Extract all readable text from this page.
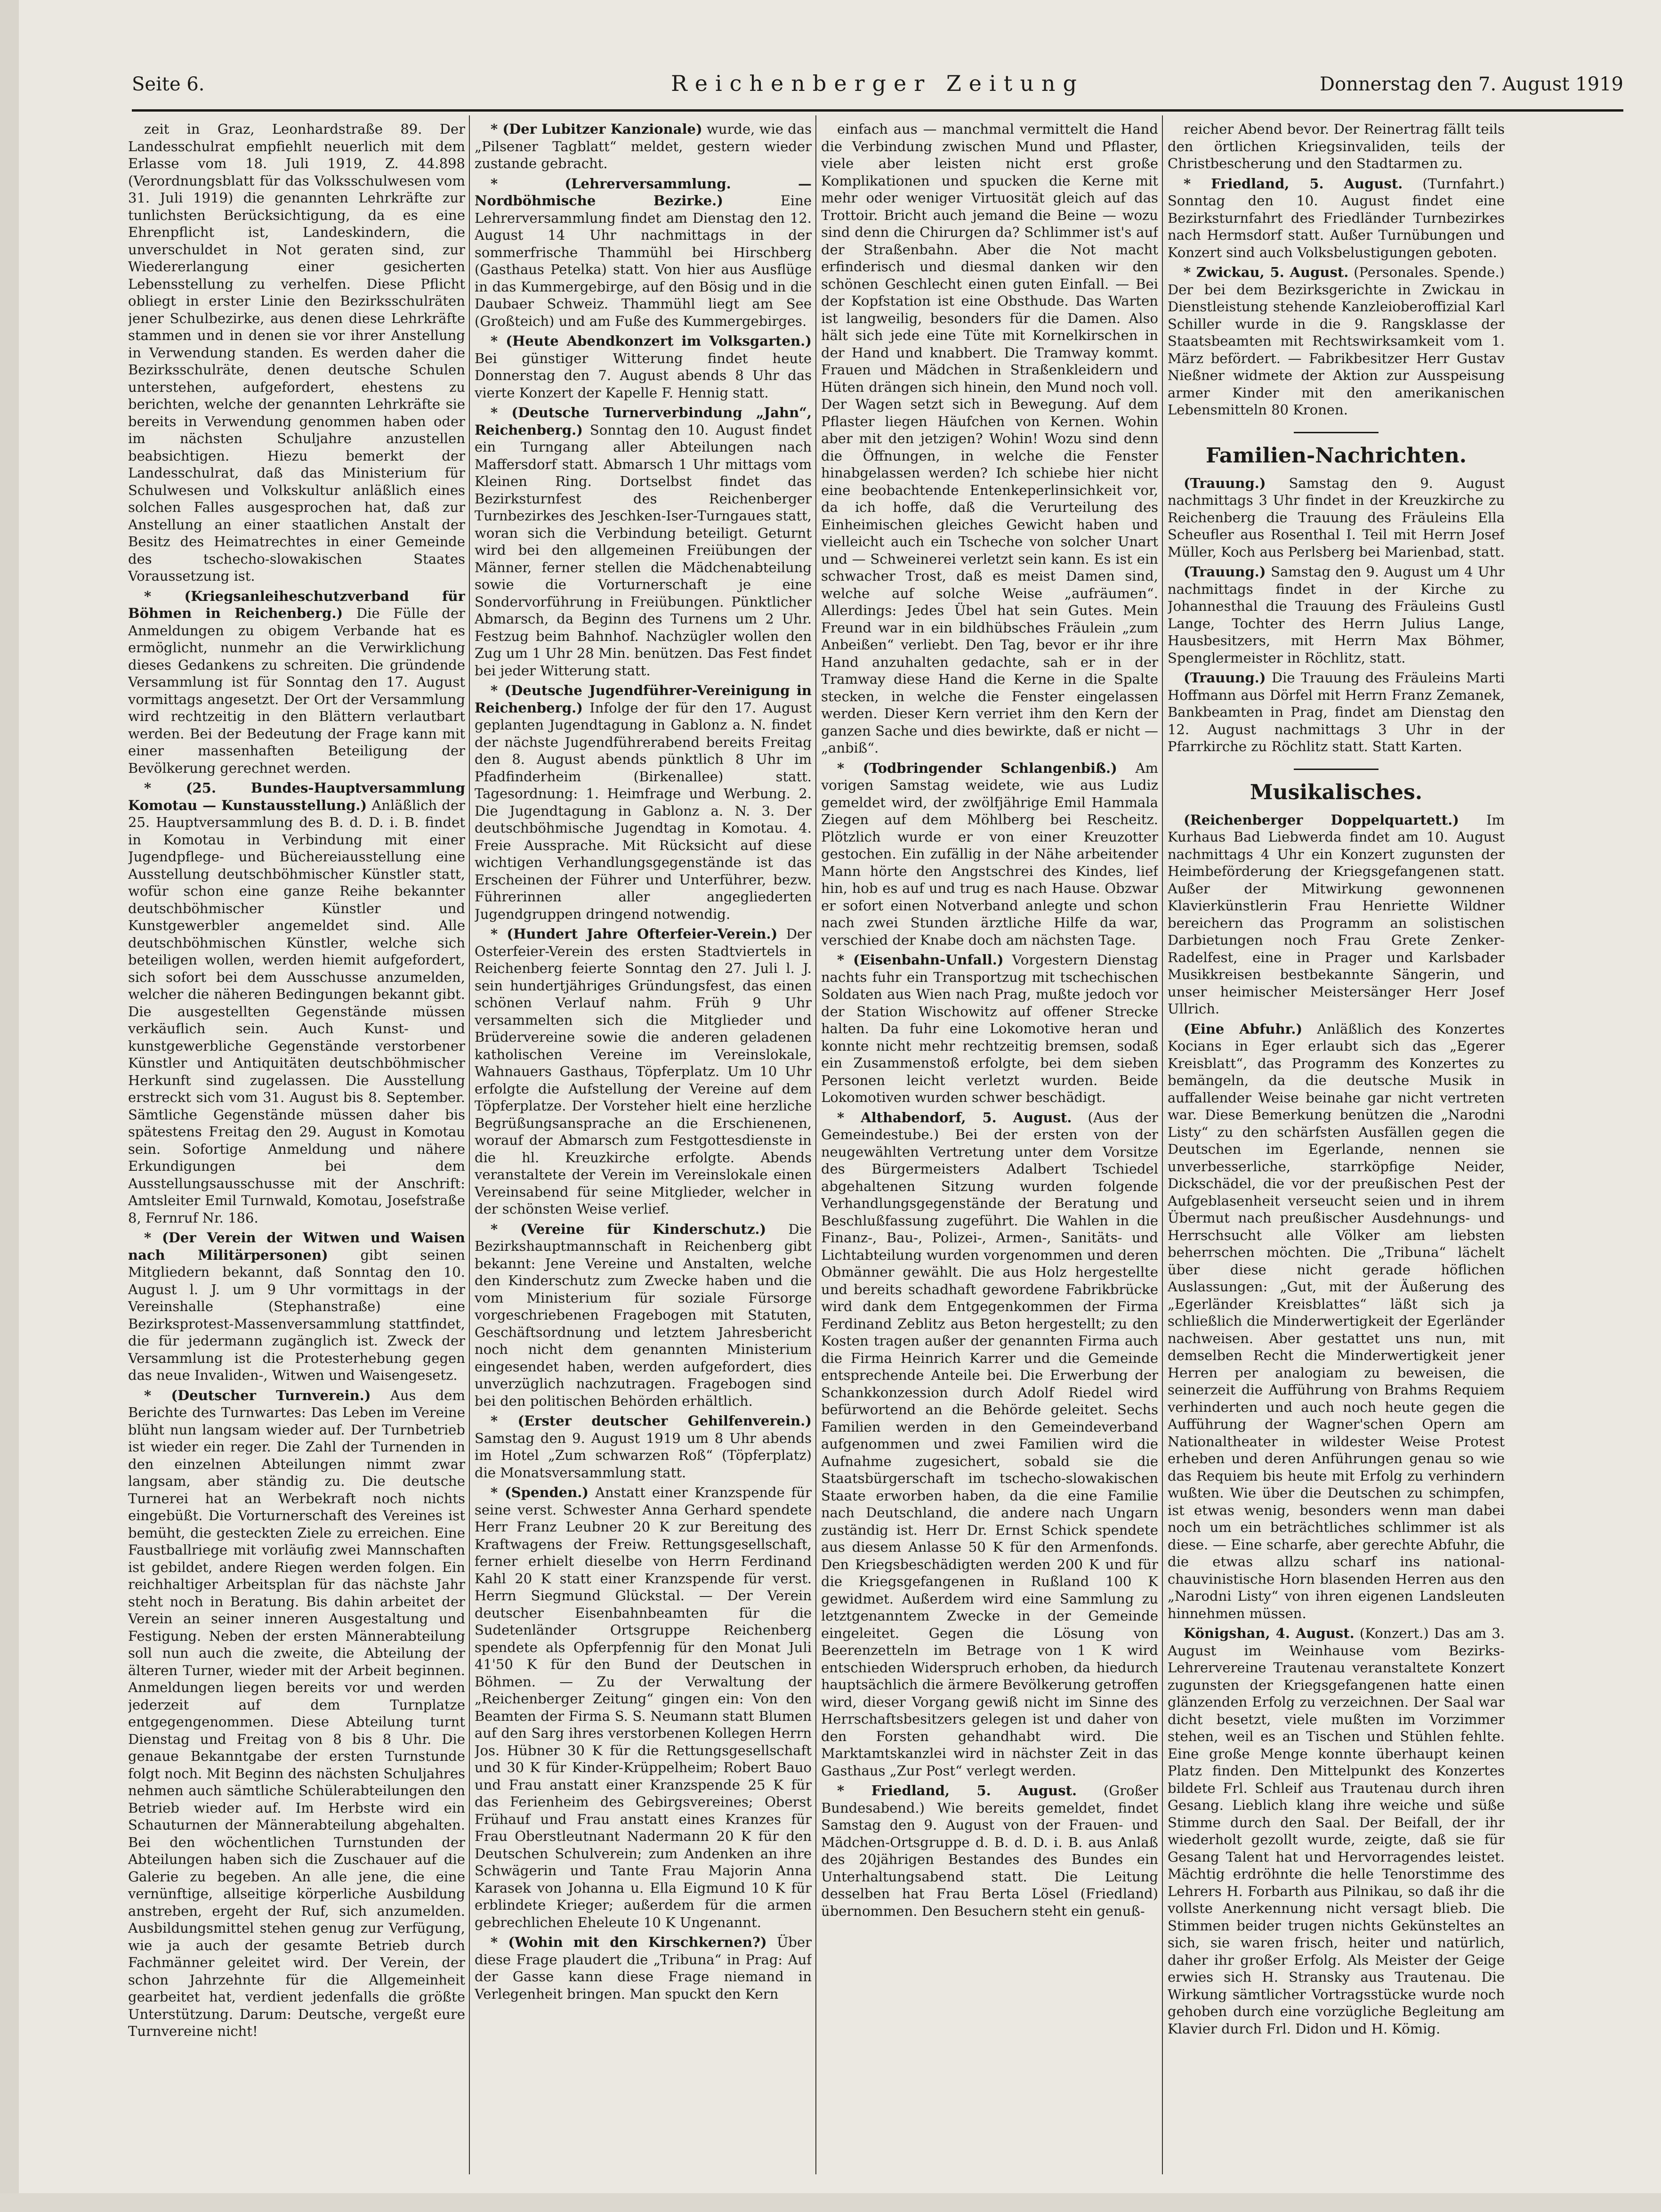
Seite 6.	Reichenberger Zeitung	Donnerstag den 7. August 1919

zeit in Graz, Leonhardstraße 89. Der Landesschulrat empfiehlt neuerlich mit dem Erlasse vom 18. Juli 1919, Z. 44.898 (Verordnungsblatt für das Volksschulwesen vom 31. Juli 1919) die genannten Lehrkräfte zur tunlichsten Berücksichtigung, da es eine Ehrenpflicht ist, Landeskindern, die unverschuldet in Not geraten sind, zur Wiedererlangung einer gesicherten Lebensstellung zu verhelfen. Diese Pflicht obliegt in erster Linie den Bezirksschulräten jener Schulbezirke, aus denen diese Lehrkräfte stammen und in denen sie vor ihrer Anstellung in Verwendung standen. Es werden daher die Bezirksschulräte, denen deutsche Schulen unterstehen, aufgefordert, ehestens zu berichten, welche der genannten Lehrkräfte sie bereits in Verwendung genommen haben oder im nächsten Schuljahre anzustellen beabsichtigen. Hiezu bemerkt der Landesschulrat, daß das Ministerium für Schulwesen und Volkskultur anläßlich eines solchen Falles ausgesprochen hat, daß zur Anstellung an einer staatlichen Anstalt der Besitz des Heimatrechtes in einer Gemeinde des tschecho-slowakischen Staates Voraussetzung ist.

* (Kriegsanleiheschutzverband für Böhmen in Reichenberg.) Die Fülle der Anmeldungen zu obigem Verbande hat es ermöglicht, nunmehr an die Verwirklichung dieses Gedankens zu schreiten. Die gründende Versammlung ist für Sonntag den 17. August vormittags angesetzt. Der Ort der Versammlung wird rechtzeitig in den Blättern verlautbart werden. Bei der Bedeutung der Frage kann mit einer massenhaften Beteiligung der Bevölkerung gerechnet werden.

* (25. Bundes-Hauptversammlung Komotau — Kunstausstellung.) Anläßlich der 25. Hauptversammlung des B. d. D. i. B. findet in Komotau in Verbindung mit einer Jugendpflege- und Büchereiausstellung eine Ausstellung deutschböhmischer Künstler statt, wofür schon eine ganze Reihe bekannter deutschböhmischer Künstler und Kunstgewerbler angemeldet sind. Alle deutschböhmischen Künstler, welche sich beteiligen wollen, werden hiemit aufgefordert, sich sofort bei dem Ausschusse anzumelden, welcher die näheren Bedingungen bekannt gibt. Die ausgestellten Gegenstände müssen verkäuflich sein. Auch Kunst- und kunstgewerbliche Gegenstände verstorbener Künstler und Antiquitäten deutschböhmischer Herkunft sind zugelassen. Die Ausstellung erstreckt sich vom 31. August bis 8. September. Sämtliche Gegenstände müssen daher bis spätestens Freitag den 29. August in Komotau sein. Sofortige Anmeldung und nähere Erkundigungen bei dem Ausstellungsausschusse mit der Anschrift: Amtsleiter Emil Turnwald, Komotau, Josefstraße 8, Fernruf Nr. 186.

* (Der Verein der Witwen und Waisen nach Militärpersonen) gibt seinen Mitgliedern bekannt, daß Sonntag den 10. August l. J. um 9 Uhr vormittags in der Vereinshalle (Stephanstraße) eine Bezirksprotest-Massenversammlung stattfindet, die für jedermann zugänglich ist. Zweck der Versammlung ist die Protesterhebung gegen das neue Invaliden-, Witwen und Waisengesetz.

* (Deutscher Turnverein.) Aus dem Berichte des Turnwartes: Das Leben im Vereine blüht nun langsam wieder auf. Der Turnbetrieb ist wieder ein reger. Die Zahl der Turnenden in den einzelnen Abteilungen nimmt zwar langsam, aber ständig zu. Die deutsche Turnerei hat an Werbekraft noch nichts eingebüßt. Die Vorturnerschaft des Vereines ist bemüht, die gesteckten Ziele zu erreichen. Eine Faustballriege mit vorläufig zwei Mannschaften ist gebildet, andere Riegen werden folgen. Ein reichhaltiger Arbeitsplan für das nächste Jahr steht noch in Beratung. Bis dahin arbeitet der Verein an seiner inneren Ausgestaltung und Festigung. Neben der ersten Männerabteilung soll nun auch die zweite, die Abteilung der älteren Turner, wieder mit der Arbeit beginnen. Anmeldungen liegen bereits vor und werden jederzeit auf dem Turnplatze entgegengenommen. Diese Abteilung turnt Dienstag und Freitag von 8 bis 8 Uhr. Die genaue Bekanntgabe der ersten Turnstunde folgt noch. Mit Beginn des nächsten Schuljahres nehmen auch sämtliche Schülerabteilungen den Betrieb wieder auf. Im Herbste wird ein Schauturnen der Männerabteilung abgehalten. Bei den wöchentlichen Turnstunden der Abteilungen haben sich die Zuschauer auf die Galerie zu begeben. An alle jene, die eine vernünftige, allseitige körperliche Ausbildung anstreben, ergeht der Ruf, sich anzumelden. Ausbildungsmittel stehen genug zur Verfügung, wie ja auch der gesamte Betrieb durch Fachmänner geleitet wird. Der Verein, der schon Jahrzehnte für die Allgemeinheit gearbeitet hat, verdient jedenfalls die größte Unterstützung. Darum: Deutsche, vergeßt eure Turnvereine nicht!

* (Der Lubitzer Kanzionale) wurde, wie das „Pilsener Tagblatt“ meldet, gestern wieder zustande gebracht.

* (Lehrerversammlung. — Nordböhmische Bezirke.)	Eine Lehrerversammlung findet am Dienstag den 12. August 14 Uhr nachmittags in der sommerfrische Thammühl bei Hirschberg (Gasthaus Petelka) statt. Von hier aus Ausflüge in das Kummergebirge, auf den Bösig und in die Daubaer Schweiz. Thammühl liegt am See (Großteich) und am Fuße des Kummergebirges.

* (Heute Abendkonzert im Volksgarten.) Bei günstiger Witterung findet heute Donnerstag den 7. August abends 8 Uhr das vierte Konzert der Kapelle F. Hennig statt.

* (Deutsche Turnerverbindung „Jahn“, Reichenberg.) Sonntag den 10. August findet ein Turngang aller Abteilungen nach Maffersdorf statt. Abmarsch 1 Uhr mittags vom Kleinen Ring. Dortselbst findet das Bezirksturnfest des Reichenberger Turnbezirkes des Jeschken-Iser-Turngaues statt, woran sich die Verbindung beteiligt. Geturnt wird bei den allgemeinen Freiübungen der Männer, ferner stellen die Mädchenabteilung sowie die Vorturnerschaft je eine Sondervorführung in Freiübungen. Pünktlicher Abmarsch, da Beginn des Turnens um 2 Uhr. Festzug beim Bahnhof. Nachzügler wollen den Zug um 1 Uhr 28 Min. benützen. Das Fest findet bei jeder Witterung statt.

* (Deutsche Jugendführer-Vereinigung in Reichenberg.) Infolge der für den 17. August geplanten Jugendtagung in Gablonz a. N. findet der nächste Jugendführerabend bereits Freitag den 8. August abends pünktlich 8 Uhr im Pfadfinderheim (Birkenallee) statt. Tagesordnung: 1. Heimfrage und Werbung. 2. Die Jugendtagung in Gablonz a. N. 3. Der deutschböhmische Jugendtag in Komotau. 4. Freie Aussprache. Mit Rücksicht auf diese wichtigen Verhandlungsgegenstände ist das Erscheinen der Führer und Unterführer, bezw. Führerinnen aller angegliederten Jugendgruppen dringend notwendig.

* (Hundert Jahre Ofterfeier-Verein.) Der Osterfeier-Verein des ersten Stadtviertels in Reichenberg feierte Sonntag den 27. Juli l. J. sein hundertjähriges Gründungsfest, das einen schönen Verlauf nahm. Früh 9 Uhr versammelten sich die Mitglieder und Brüdervereine sowie die anderen geladenen katholischen Vereine im Vereinslokale, Wahnauers Gasthaus, Töpferplatz. Um 10 Uhr erfolgte die Aufstellung der Vereine auf dem Töpferplatze. Der Vorsteher hielt eine herzliche Begrüßungsansprache an die Erschienenen, worauf der Abmarsch zum Festgottesdienste in die hl. Kreuzkirche erfolgte. Abends veranstaltete der Verein im Vereinslokale einen Vereinsabend für seine Mitglieder, welcher in der schönsten Weise verlief.

* (Vereine für Kinderschutz.) Die Bezirkshauptmannschaft in Reichenberg gibt bekannt: Jene Vereine und Anstalten, welche den Kinderschutz zum Zwecke haben und die vom Ministerium für soziale Fürsorge vorgeschriebenen Fragebogen mit Statuten, Geschäftsordnung und letztem Jahresbericht noch nicht dem genannten Ministerium eingesendet haben, werden aufgefordert, dies unverzüglich nachzutragen. Fragebogen sind bei den politischen Behörden erhältlich.

* (Erster deutscher Gehilfenverein.) Samstag den 9. August 1919 um 8 Uhr abends im Hotel „Zum schwarzen Roß“ (Töpferplatz) die Monatsversammlung statt.

* (Spenden.) Anstatt einer Kranzspende für seine verst. Schwester Anna Gerhard spendete Herr Franz Leubner 20 K zur Bereitung des Kraftwagens der Freiw. Rettungsgesellschaft, ferner erhielt dieselbe von Herrn Ferdinand Kahl 20 K statt einer Kranzspende für verst. Herrn Siegmund Glückstal. — Der Verein deutscher Eisenbahnbeamten für die Sudetenländer Ortsgruppe Reichenberg spendete als Opferpfennig für den Monat Juli 41'50 K für den Bund der Deutschen in Böhmen. — Zu der Verwaltung der „Reichenberger Zeitung“ gingen ein: Von den Beamten der Firma S. S. Neumann statt Blumen auf den Sarg ihres verstorbenen Kollegen Herrn Jos. Hübner 30 K für die Rettungsgesellschaft und 30 K für Kinder-Krüppelheim; Robert Bauo und Frau anstatt einer Kranzspende 25 K für das Ferienheim des Gebirgsvereines; Oberst Frühauf und Frau anstatt eines Kranzes für Frau Oberstleutnant Nadermann 20 K für den Deutschen Schulverein; zum Andenken an ihre Schwägerin und Tante Frau Majorin Anna Karasek von Johanna u. Ella Eigmund 10 K für erblindete Krieger; außerdem für die armen gebrechlichen Eheleute 10 K Ungenannt.

* (Wohin mit den Kirschkernen?) Über diese Frage plaudert die „Tribuna“ in Prag: Auf der Gasse kann diese Frage niemand in Verlegenheit bringen. Man spuckt den Kern

einfach aus — manchmal vermittelt die Hand die Verbindung zwischen Mund und Pflaster, viele aber leisten nicht erst große Komplikationen und spucken die Kerne mit mehr oder weniger Virtuosität gleich auf das Trottoir. Bricht auch jemand die Beine — wozu sind denn die Chirurgen da? Schlimmer ist's auf der Straßenbahn. Aber die Not macht erfinderisch und diesmal danken wir den schönen Geschlecht einen guten Einfall. — Bei der Kopfstation ist eine Obsthude. Das Warten ist langweilig, besonders für die Damen. Also hält sich jede eine Tüte mit Kornelkirschen in der Hand und knabbert. Die Tramway kommt. Frauen und Mädchen in Straßenkleidern und Hüten drängen sich hinein, den Mund noch voll. Der Wagen setzt sich in Bewegung. Auf dem Pflaster liegen Häufchen von Kernen. Wohin aber mit den jetzigen? Wohin! Wozu sind denn die Öffnungen, in welche die Fenster hinabgelassen werden? Ich schiebe hier nicht eine beobachtende Entenkeperlinsichkeit vor, da ich hoffe, daß die Verurteilung des Einheimischen gleiches Gewicht haben und vielleicht auch ein Tscheche von solcher Unart und — Schweinerei verletzt sein kann. Es ist ein schwacher Trost, daß es meist Damen sind, welche auf solche Weise „aufräumen“. Allerdings: Jedes Übel hat sein Gutes. Mein Freund war in ein bildhübsches Fräulein „zum Anbeißen“ verliebt. Den Tag, bevor er ihr ihre Hand anzuhalten gedachte, sah er in der Tramway diese Hand die Kerne in die Spalte stecken, in welche die Fenster eingelassen werden. Dieser Kern verriet ihm den Kern der ganzen Sache und dies bewirkte, daß er nicht — „anbiß“.

* (Todbringender Schlangenbiß.) Am vorigen Samstag weidete, wie aus Ludiz gemeldet wird, der zwölfjährige Emil Hammala Ziegen auf dem Möhlberg bei Rescheitz. Plötzlich wurde er von einer Kreuzotter gestochen. Ein zufällig in der Nähe arbeitender Mann hörte den Angstschrei des Kindes, lief hin, hob es auf und trug es nach Hause. Obzwar er sofort einen Notverband anlegte und schon nach zwei Stunden ärztliche Hilfe da war, verschied der Knabe doch am nächsten Tage.

* (Eisenbahn-Unfall.) Vorgestern Dienstag nachts fuhr ein Transportzug mit tschechischen Soldaten aus Wien nach Prag, mußte jedoch vor der Station Wischowitz auf offener Strecke halten. Da fuhr eine Lokomotive heran und konnte nicht mehr rechtzeitig bremsen, sodaß ein Zusammenstoß erfolgte, bei dem sieben Personen leicht verletzt wurden. Beide Lokomotiven wurden schwer beschädigt.

* Althabendorf, 5. August. (Aus der Gemeindestube.) Bei der ersten von der neugewählten Vertretung unter dem Vorsitze des Bürgermeisters Adalbert Tschiedel abgehaltenen Sitzung wurden folgende Verhandlungsgegenstände der Beratung und Beschlußfassung zugeführt. Die Wahlen in die Finanz-, Bau-, Polizei-, Armen-, Sanitäts- und Lichtabteilung wurden vorgenommen und deren Obmänner gewählt. Die aus Holz hergestellte und bereits schadhaft gewordene Fabrikbrücke wird dank dem Entgegenkommen der Firma Ferdinand Zeblitz aus Beton hergestellt; zu den Kosten tragen außer der genannten Firma auch die Firma Heinrich Karrer und die Gemeinde entsprechende Anteile bei. Die Erwerbung der Schankkonzession durch Adolf Riedel wird befürwortend an die Behörde geleitet. Sechs Familien werden in den Gemeindeverband aufgenommen und zwei Familien wird die Aufnahme zugesichert, sobald sie die Staatsbürgerschaft im tschecho-slowakischen Staate erworben haben, da die eine Familie nach Deutschland, die andere nach Ungarn zuständig ist. Herr Dr. Ernst Schick spendete aus diesem Anlasse 50 K für den Armenfonds. Den Kriegsbeschädigten werden 200 K und für die Kriegsgefangenen in Rußland 100 K gewidmet. Außerdem wird eine Sammlung zu letztgenanntem Zwecke in der Gemeinde eingeleitet. Gegen die Lösung von Beerenzetteln im Betrage von 1 K wird entschieden Widerspruch erhoben, da hiedurch hauptsächlich die ärmere Bevölkerung getroffen wird, dieser Vorgang gewiß nicht im Sinne des Herrschaftsbesitzers gelegen ist und daher von den Forsten gehandhabt wird. Die Marktamtskanzlei wird in nächster Zeit in das Gasthaus „Zur Post“ verlegt werden.

* Friedland, 5. August. (Großer Bundesabend.) Wie bereits gemeldet, findet Samstag den 9. August von der Frauen- und Mädchen-Ortsgruppe d. B. d. D. i. B. aus Anlaß des 20jährigen Bestandes des Bundes ein Unterhaltungsabend statt. Die Leitung desselben hat Frau Berta Lösel (Friedland) übernommen. Den Besuchern steht ein genuß-

reicher Abend bevor. Der Reinertrag fällt teils den örtlichen Kriegsinvaliden, teils der Christbescherung und den Stadtarmen zu.

* Friedland, 5. August. (Turnfahrt.) Sonntag den 10. August findet eine Bezirksturnfahrt des Friedländer Turnbezirkes nach Hermsdorf statt. Außer Turnübungen und Konzert sind auch Volksbelustigungen geboten.

* Zwickau, 5. August. (Personales. Spende.) Der bei dem Bezirksgerichte in Zwickau in Dienstleistung stehende Kanzleioberoffizial Karl Schiller wurde in die 9. Rangsklasse der Staatsbeamten mit Rechtswirksamkeit vom 1. März befördert. — Fabrikbesitzer Herr Gustav Nießner widmete der Aktion zur Ausspeisung armer Kinder mit den amerikanischen Lebensmitteln 80 Kronen.

Familien-Nachrichten.

(Trauung.) Samstag den 9. August nachmittags 3 Uhr findet in der Kreuzkirche zu Reichenberg die Trauung des Fräuleins Ella Scheufler aus Rosenthal I. Teil mit Herrn Josef Müller, Koch aus Perlsberg bei Marienbad, statt.

(Trauung.) Samstag den 9. August um 4 Uhr nachmittags findet in der Kirche zu Johannesthal die Trauung des Fräuleins Gustl Lange, Tochter des Herrn Julius Lange, Hausbesitzers, mit Herrn Max Böhmer, Spenglermeister in Röchlitz, statt.

(Trauung.) Die Trauung des Fräuleins Marti Hoffmann aus Dörfel mit Herrn Franz Zemanek, Bankbeamten in Prag, findet am Dienstag den 12. August nachmittags 3 Uhr in der Pfarrkirche zu Röchlitz statt. Statt Karten.

Musikalisches.

(Reichenberger Doppelquartett.) Im Kurhaus Bad Liebwerda findet am 10. August nachmittags 4 Uhr ein Konzert zugunsten der Heimbeförderung der Kriegsgefangenen statt. Außer der Mitwirkung gewonnenen Klavierkünstlerin Frau Henriette Wildner bereichern das Programm an solistischen Darbietungen noch Frau Grete Zenker-Radelfest, eine in Prager und Karlsbader Musikkreisen bestbekannte Sängerin, und unser heimischer Meistersänger Herr Josef Ullrich.

(Eine Abfuhr.) Anläßlich des Konzertes Kocians in Eger erlaubt sich das „Egerer Kreisblatt“, das Programm des Konzertes zu bemängeln, da die deutsche Musik in auffallender Weise beinahe gar nicht vertreten war. Diese Bemerkung benützen die „Narodni Listy“ zu den schärfsten Ausfällen gegen die Deutschen im Egerlande, nennen sie unverbesserliche, starrköpfige Neider, Dickschädel, die vor der preußischen Pest der Aufgeblasenheit verseucht seien und in ihrem Übermut nach preußischer Ausdehnungs- und Herrschsucht alle Völker am liebsten beherrschen möchten. Die „Tribuna“ lächelt über diese nicht gerade höflichen Auslassungen: „Gut, mit der Äußerung des „Egerländer Kreisblattes“ läßt sich ja schließlich die Minderwertigkeit der Egerländer nachweisen. Aber gestattet uns nun, mit demselben Recht die Minderwertigkeit jener Herren per analogiam zu beweisen, die seinerzeit die Aufführung von Brahms Requiem verhinderten und auch noch heute gegen die Aufführung der Wagner'schen Opern am Nationaltheater in wildester Weise Protest erheben und deren Anführungen genau so wie das Requiem bis heute mit Erfolg zu verhindern wußten. Wie über die Deutschen zu schimpfen, ist etwas wenig, besonders wenn man dabei noch um ein beträchtliches schlimmer ist als diese. — Eine scharfe, aber gerechte Abfuhr, die die etwas allzu scharf ins national-chauvinistische Horn blasenden Herren aus den „Narodni Listy“ von ihren eigenen Landsleuten hinnehmen müssen.

Königshan, 4. August. (Konzert.) Das am 3. August im Weinhause vom Bezirks-Lehrervereine Trautenau veranstaltete Konzert zugunsten der Kriegsgefangenen hatte einen glänzenden Erfolg zu verzeichnen. Der Saal war dicht besetzt, viele mußten im Vorzimmer stehen, weil es an Tischen und Stühlen fehlte. Eine große Menge konnte überhaupt keinen Platz finden. Den Mittelpunkt des Konzertes bildete Frl. Schleif aus Trautenau durch ihren Gesang. Lieblich klang ihre weiche und süße Stimme durch den Saal. Der Beifall, der ihr wiederholt gezollt wurde, zeigte, daß sie für Gesang Talent hat und Hervorragendes leistet. Mächtig erdröhnte die helle Tenorstimme des Lehrers H. Forbarth aus Pilnikau, so daß ihr die vollste Anerkennung nicht versagt blieb. Die Stimmen beider trugen nichts Gekünsteltes an sich, sie waren frisch, heiter und natürlich, daher ihr großer Erfolg. Als Meister der Geige erwies sich H. Stransky aus Trautenau. Die Wirkung sämtlicher Vortragsstücke wurde noch gehoben durch eine vorzügliche Begleitung am Klavier durch Frl. Didon und H. Kömig.
